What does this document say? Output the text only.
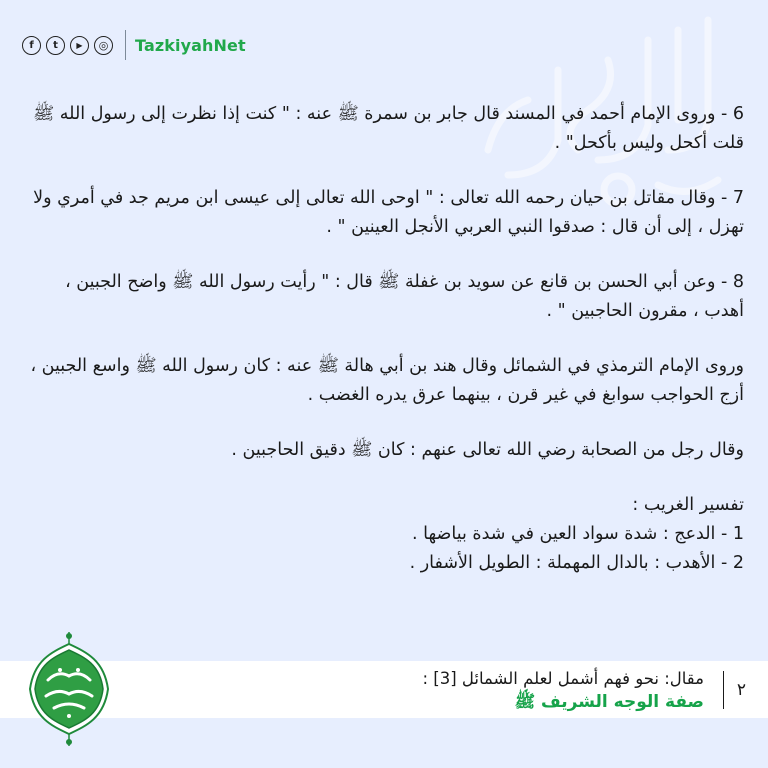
f	t	▶	◎ TazkiyahNet

6 - وروى الإمام أحمد في المسند قال جابر بن سمرة ﷺ عنه : " كنت إذا نظرت إلى رسول الله ﷺ قلت أكحل وليس بأكحل" .

7 - وقال مقاتل بن حيان رحمه الله تعالى : " اوحى الله تعالى إلى عيسى ابن مريم جد في أمري ولا تهزل ، إلى أن قال : صدقوا النبي العربي الأنجل العينين " .

8 - وعن أبي الحسن بن قانع عن سويد بن غفلة ﷺ قال : " رأيت رسول الله ﷺ واضح الجبين ، أهدب ، مقرون الحاجبين " .

وروى الإمام الترمذي في الشمائل وقال هند بن أبي هالة ﷺ عنه : كان رسول الله ﷺ واسع الجبين ، أزج الحواجب سوابغ في غير قرن ، بينهما عرق يدره الغضب .

وقال رجل من الصحابة رضي الله تعالى عنهم : كان ﷺ دقيق الحاجبين .

تفسير الغريب :

1 - الدعج : شدة سواد العين في شدة بياضها .

2 - الأهدب : بالدال المهملة : الطويل الأشفار .

مقال: نحو فهم أشمل لعلم الشمائل [3] :
صفة الوجه الشريف ﷺ
٢
